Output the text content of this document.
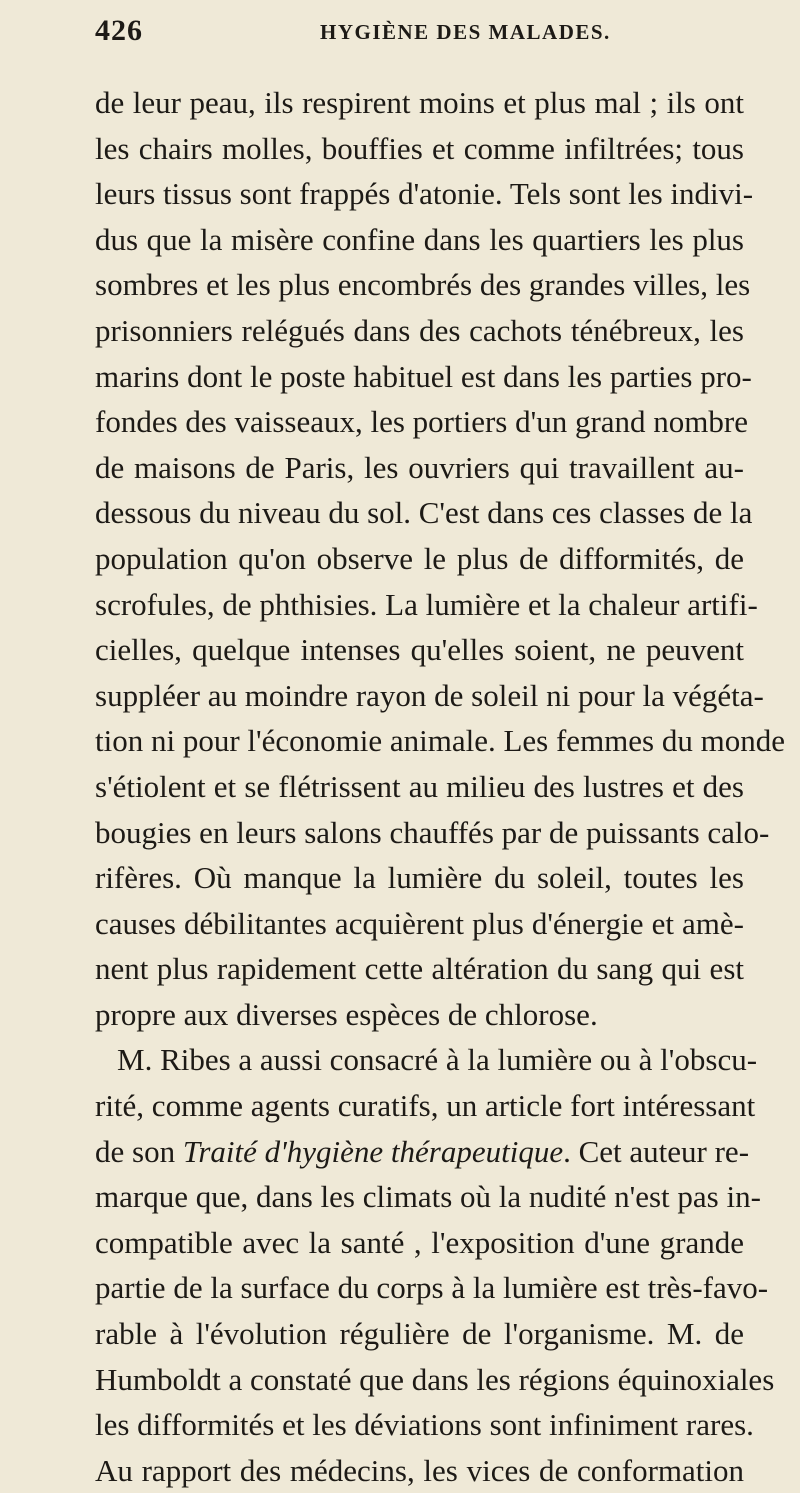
426	HYGIÈNE DES MALADES.
de leur peau, ils respirent moins et plus mal ; ils ont
les chairs molles, bouffies et comme infiltrées; tous
leurs tissus sont frappés d'atonie. Tels sont les indivi-
dus que la misère confine dans les quartiers les plus
sombres et les plus encombrés des grandes villes, les
prisonniers relégués dans des cachots ténébreux, les
marins dont le poste habituel est dans les parties pro-
fondes des vaisseaux, les portiers d'un grand nombre
de maisons de Paris, les ouvriers qui travaillent au-
dessous du niveau du sol. C'est dans ces classes de la
population qu'on observe le plus de difformités, de
scrofules, de phthisies. La lumière et la chaleur artifi-
cielles, quelque intenses qu'elles soient, ne peuvent
suppléer au moindre rayon de soleil ni pour la végéta-
tion ni pour l'économie animale. Les femmes du monde
s'étiolent et se flétrissent au milieu des lustres et des
bougies en leurs salons chauffés par de puissants calo-
rifères. Où manque la lumière du soleil, toutes les
causes débilitantes acquièrent plus d'énergie et amè-
nent plus rapidement cette altération du sang qui est
propre aux diverses espèces de chlorose.
M. Ribes a aussi consacré à la lumière ou à l'obscu-
rité, comme agents curatifs, un article fort intéressant
de son Traité d'hygiène thérapeutique. Cet auteur re-
marque que, dans les climats où la nudité n'est pas in-
compatible avec la santé , l'exposition d'une grande
partie de la surface du corps à la lumière est très-favo-
rable à l'évolution régulière de l'organisme. M. de
Humboldt a constaté que dans les régions équinoxiales
les difformités et les déviations sont infiniment rares.
Au rapport des médecins, les vices de conformation
